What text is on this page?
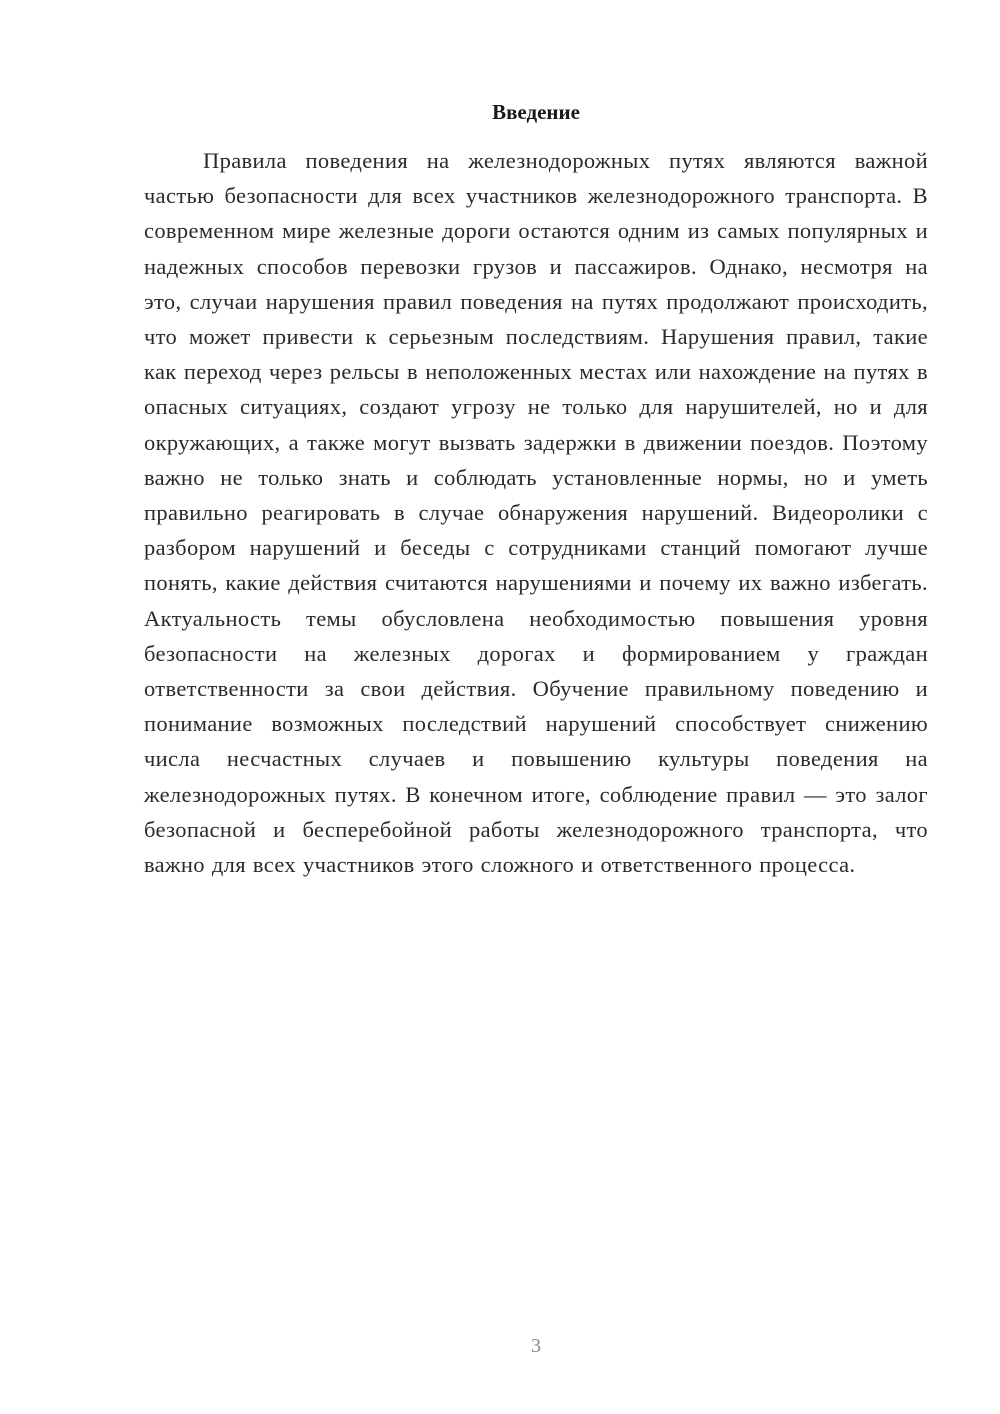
Введение

Правила поведения на железнодорожных путях являются важной частью безопасности для всех участников железнодорожного транспорта. В современном мире железные дороги остаются одним из самых популярных и надежных способов перевозки грузов и пассажиров. Однако, несмотря на это, случаи нарушения правил поведения на путях продолжают происходить, что может привести к серьезным последствиям. Нарушения правил, такие как переход через рельсы в неположенных местах или нахождение на путях в опасных ситуациях, создают угрозу не только для нарушителей, но и для окружающих, а также могут вызвать задержки в движении поездов. Поэтому важно не только знать и соблюдать установленные нормы, но и уметь правильно реагировать в случае обнаружения нарушений. Видеоролики с разбором нарушений и беседы с сотрудниками станций помогают лучше понять, какие действия считаются нарушениями и почему их важно избегать. Актуальность темы обусловлена необходимостью повышения уровня безопасности на железных дорогах и формированием у граждан ответственности за свои действия. Обучение правильному поведению и понимание возможных последствий нарушений способствует снижению числа несчастных случаев и повышению культуры поведения на железнодорожных путях. В конечном итоге, соблюдение правил — это залог безопасной и бесперебойной работы железнодорожного транспорта, что важно для всех участников этого сложного и ответственного процесса.

3
